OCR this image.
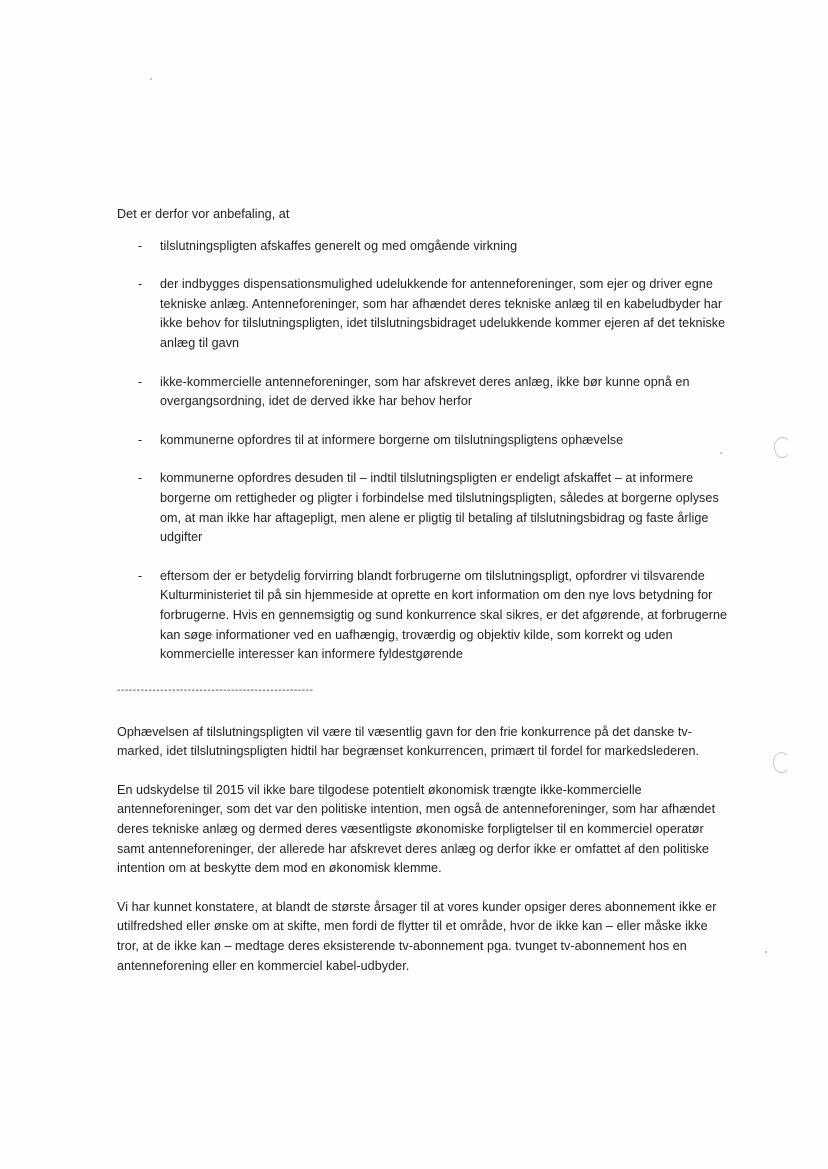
Det er derfor vor anbefaling, at

- tilslutningspligten afskaffes generelt og med omgående virkning
- der indbygges dispensationsmulighed udelukkende for antenneforeninger, som ejer og driver egne tekniske anlæg. Antenneforeninger, som har afhændet deres tekniske anlæg til en kabeludbyder har ikke behov for tilslutningspligten, idet tilslutningsbidraget udelukkende kommer ejeren af det tekniske anlæg til gavn
- ikke-kommercielle antenneforeninger, som har afskrevet deres anlæg, ikke bør kunne opnå en overgangsordning, idet de derved ikke har behov herfor
- kommunerne opfordres til at informere borgerne om tilslutningspligtens ophævelse
- kommunerne opfordres desuden til – indtil tilslutningspligten er endeligt afskaffet – at informere borgerne om rettigheder og pligter i forbindelse med tilslutningspligten, således at borgerne oplyses om, at man ikke har aftagepligt, men alene er pligtig til betaling af tilslutningsbidrag og faste årlige udgifter
- eftersom der er betydelig forvirring blandt forbrugerne om tilslutningspligt, opfordrer vi tilsvarende Kulturministeriet til på sin hjemmeside at oprette en kort information om den nye lovs betydning for forbrugerne. Hvis en gennemsigtig og sund konkurrence skal sikres, er det afgørende, at forbrugerne kan søge informationer ved en uafhængig, troværdig og objektiv kilde, som korrekt og uden kommercielle interesser kan informere fyldestgørende
--------------------------------------------------

Ophævelsen af tilslutningspligten vil være til væsentlig gavn for den frie konkurrence på det danske tv-marked, idet tilslutningspligten hidtil har begrænset konkurrencen, primært til fordel for markedslederen.

En udskydelse til 2015 vil ikke bare tilgodese potentielt økonomisk trængte ikke-kommercielle antenneforeninger, som det var den politiske intention, men også de antenneforeninger, som har afhændet deres tekniske anlæg og dermed deres væsentligste økonomiske forpligtelser til en kommerciel operatør samt antenneforeninger, der allerede har afskrevet deres anlæg og derfor ikke er omfattet af den politiske intention om at beskytte dem mod en økonomisk klemme.

Vi har kunnet konstatere, at blandt de største årsager til at vores kunder opsiger deres abonnement ikke er utilfredshed eller ønske om at skifte, men fordi de flytter til et område, hvor de ikke kan – eller måske ikke tror, at de ikke kan – medtage deres eksisterende tv-abonnement pga. tvunget tv-abonnement hos en antenneforening eller en kommerciel kabel-udbyder.
